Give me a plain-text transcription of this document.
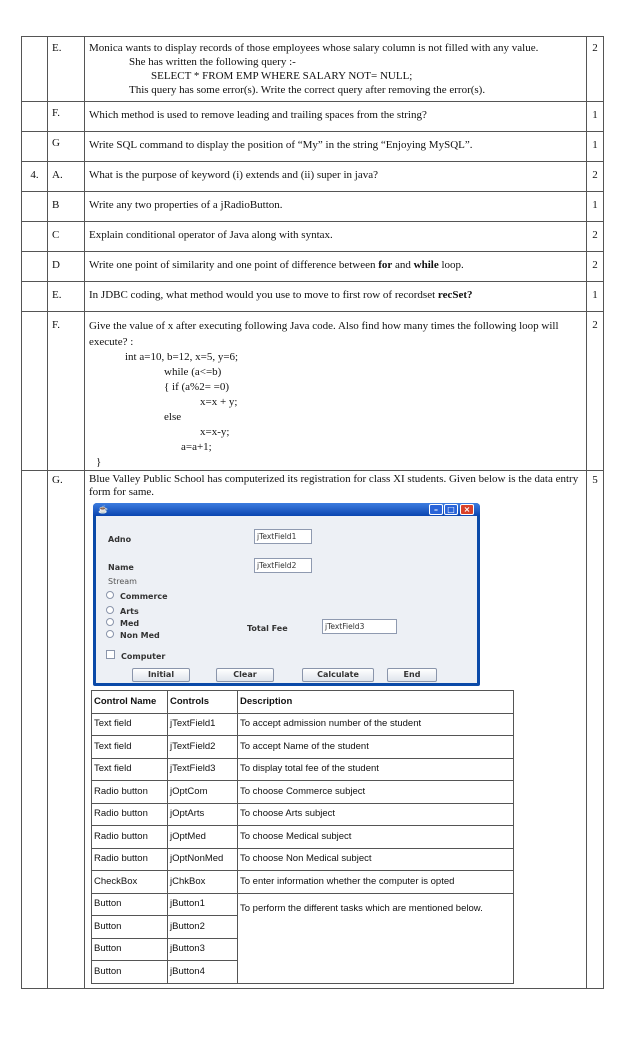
	E.	Monica wants to display records of those employees whose salary column is not filled with any value.
She has written the following query :-
SELECT * FROM EMP WHERE SALARY NOT= NULL;
This query has some error(s). Write the correct query after removing the error(s).
	2
	F.	Which method is used to remove leading and trailing spaces from the string?	1
	G	Write SQL command to display the position of “My” in the string “Enjoying MySQL”.	1
4.	A.	What is the purpose of keyword (i) extends and (ii) super in java?	2
	B	Write any two properties of a jRadioButton.	1
	C	Explain conditional operator of Java along with syntax.	2
	D	Write one point of similarity and one point of difference between for and while loop.	2
	E.	In JDBC coding, what method would you use to move to first row of recordset recSet?	1
	F.	Give the value of x after executing following Java code. Also find how many times the following loop will execute? :
int a=10, b=12, x=5, y=6;
while (a<=b)
{ if (a%2= =0)
x=x + y;
else
x=x-y;
a=a+1;
}
	2
	G.	Blue Valley Public School has computerized its registration for class XI students. Given below is the data entry form for same.
☕	–	□	×
Adno	jTextField1
Name	jTextField2
Stream
Commerce
Arts
Med
Non Med
Total Fee	jTextField3
Computer
Initial	Clear	Calculate	End
Control Name	Controls	Description
Text field	jTextField1	To accept admission number of the student
Text field	jTextField2	To accept Name of the student
Text field	jTextField3	To display total fee of the student
Radio button	jOptCom	To choose Commerce subject
Radio button	jOptArts	To choose Arts subject
Radio button	jOptMed	To choose Medical subject
Radio button	jOptNonMed	To choose Non Medical subject
CheckBox	jChkBox	To enter information whether the computer is opted
Button	jButton1	To perform the different tasks which are mentioned below.
Button	jButton2
Button	jButton3
Button	jButton4
	5
